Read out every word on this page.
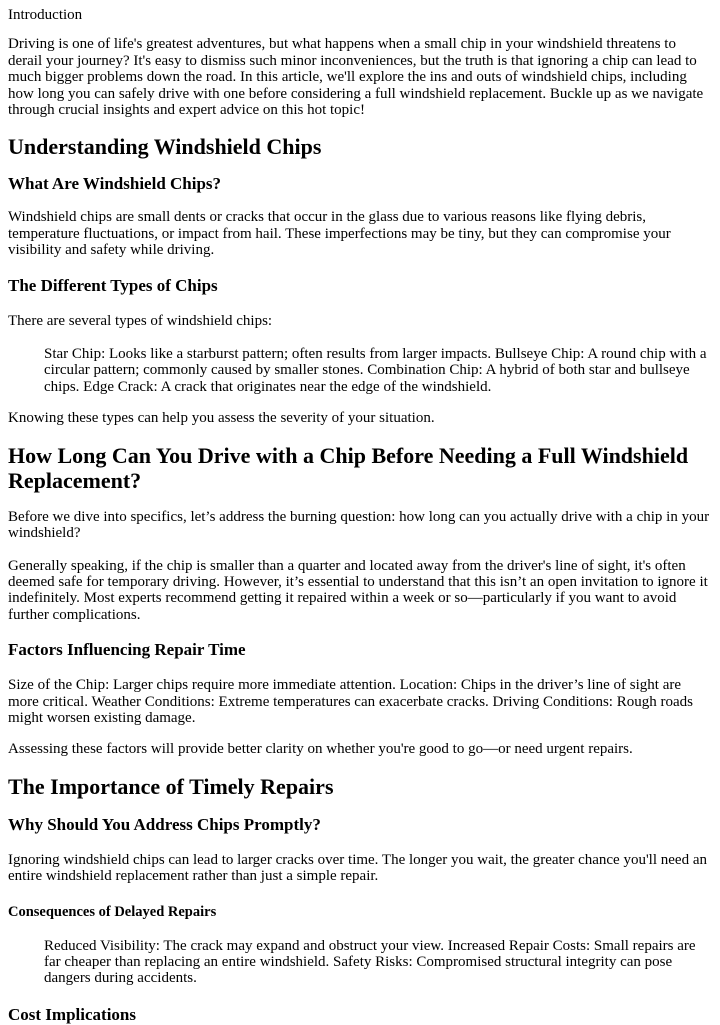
Introduction

Driving is one of life's greatest adventures, but what happens when a small chip in your windshield threatens to derail your journey? It's easy to dismiss such minor inconveniences, but the truth is that ignoring a chip can lead to much bigger problems down the road. In this article, we'll explore the ins and outs of windshield chips, including how long you can safely drive with one before considering a full windshield replacement. Buckle up as we navigate through crucial insights and expert advice on this hot topic!

Understanding Windshield Chips
What Are Windshield Chips?

Windshield chips are small dents or cracks that occur in the glass due to various reasons like flying debris, temperature fluctuations, or impact from hail. These imperfections may be tiny, but they can compromise your visibility and safety while driving.

The Different Types of Chips

There are several types of windshield chips:

Star Chip: Looks like a starburst pattern; often results from larger impacts. Bullseye Chip: A round chip with a circular pattern; commonly caused by smaller stones. Combination Chip: A hybrid of both star and bullseye chips. Edge Crack: A crack that originates near the edge of the windshield.

Knowing these types can help you assess the severity of your situation.

How Long Can You Drive with a Chip Before Needing a Full Windshield Replacement?

Before we dive into specifics, let’s address the burning question: how long can you actually drive with a chip in your windshield?

Generally speaking, if the chip is smaller than a quarter and located away from the driver's line of sight, it's often deemed safe for temporary driving. However, it’s essential to understand that this isn’t an open invitation to ignore it indefinitely. Most experts recommend getting it repaired within a week or so—particularly if you want to avoid further complications.

Factors Influencing Repair Time

Size of the Chip: Larger chips require more immediate attention. Location: Chips in the driver’s line of sight are more critical. Weather Conditions: Extreme temperatures can exacerbate cracks. Driving Conditions: Rough roads might worsen existing damage.

Assessing these factors will provide better clarity on whether you're good to go—or need urgent repairs.

The Importance of Timely Repairs
Why Should You Address Chips Promptly?

Ignoring windshield chips can lead to larger cracks over time. The longer you wait, the greater chance you'll need an entire windshield replacement rather than just a simple repair.

Consequences of Delayed Repairs
Reduced Visibility: The crack may expand and obstruct your view. Increased Repair Costs: Small repairs are far cheaper than replacing an entire windshield. Safety Risks: Compromised structural integrity can pose dangers during accidents.
Cost Implications
